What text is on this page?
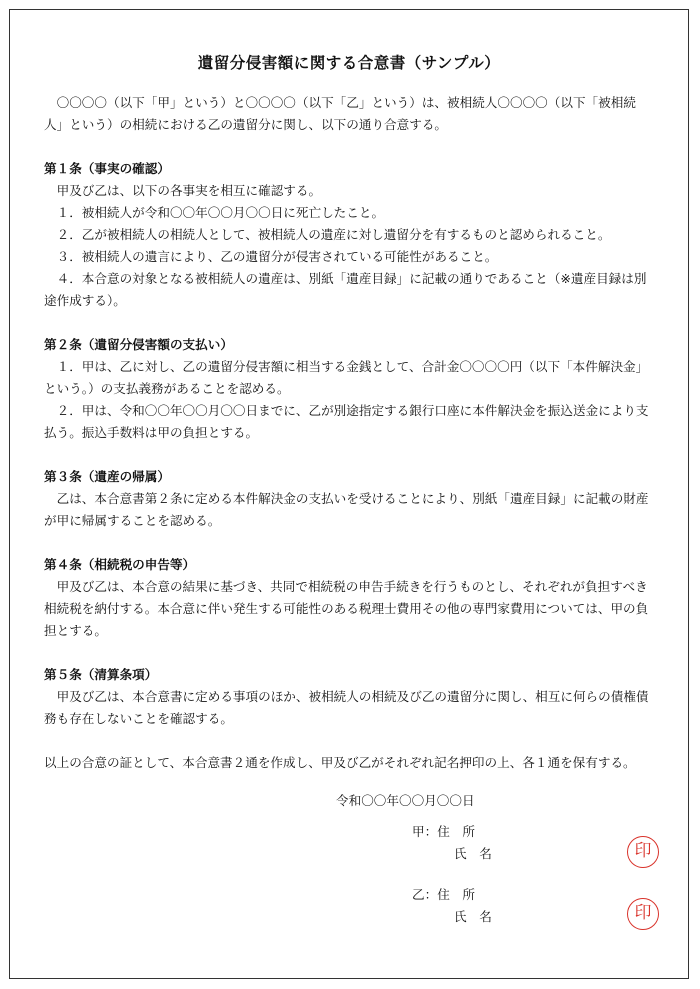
遺留分侵害額に関する合意書（サンプル）

〇〇〇〇（以下「甲」という）と〇〇〇〇（以下「乙」という）は、被相続人〇〇〇〇（以下「被相続人」という）の相続における乙の遺留分に関し、以下の通り合意する。

第１条（事実の確認）

甲及び乙は、以下の各事実を相互に確認する。

１．被相続人が令和〇〇年〇〇月〇〇日に死亡したこと。

２．乙が被相続人の相続人として、被相続人の遺産に対し遺留分を有するものと認められること。

３．被相続人の遺言により、乙の遺留分が侵害されている可能性があること。

４．本合意の対象となる被相続人の遺産は、別紙「遺産目録」に記載の通りであること（※遺産目録は別途作成する）。

第２条（遺留分侵害額の支払い）

１．甲は、乙に対し、乙の遺留分侵害額に相当する金銭として、合計金〇〇〇〇円（以下「本件解決金」という。）の支払義務があることを認める。

２．甲は、令和〇〇年〇〇月〇〇日までに、乙が別途指定する銀行口座に本件解決金を振込送金により支払う。振込手数料は甲の負担とする。

第３条（遺産の帰属）

乙は、本合意書第２条に定める本件解決金の支払いを受けることにより、別紙「遺産目録」に記載の財産が甲に帰属することを認める。

第４条（相続税の申告等）

甲及び乙は、本合意の結果に基づき、共同で相続税の申告手続きを行うものとし、それぞれが負担すべき相続税を納付する。本合意に伴い発生する可能性のある税理士費用その他の専門家費用については、甲の負担とする。

第５条（清算条項）

甲及び乙は、本合意書に定める事項のほか、被相続人の相続及び乙の遺留分に関し、相互に何らの債権債務も存在しないことを確認する。

以上の合意の証として、本合意書２通を作成し、甲及び乙がそれぞれ記名押印の上、各１通を保有する。

令和〇〇年〇〇月〇〇日
甲：住　所
氏　名	印
乙：住　所
氏　名	印
